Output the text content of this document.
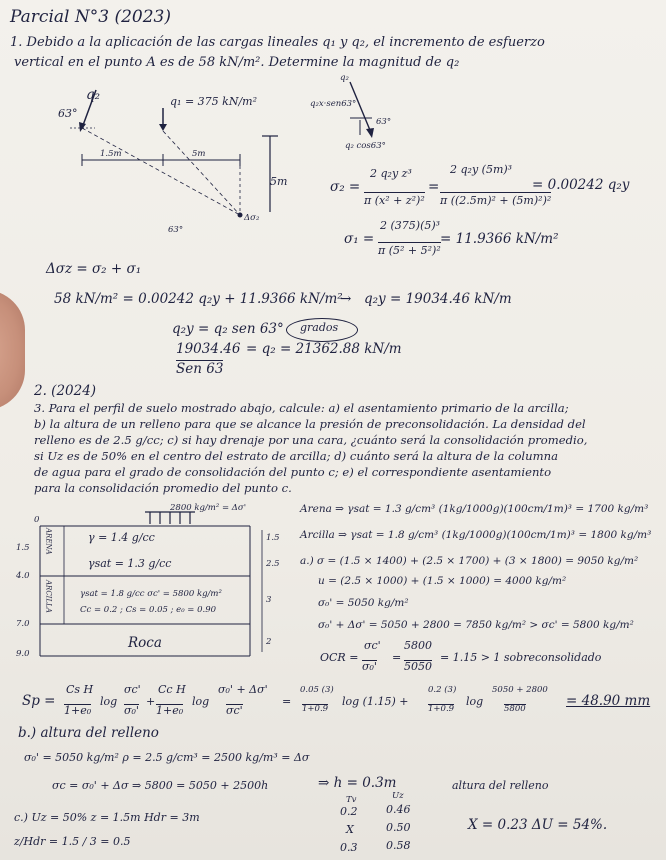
Parcial N°3 (2023)
1. Debido a la aplicación de las cargas lineales q₁ y q₂, el incremento de esfuerzo
vertical en el punto A es de 58 kN/m². Determine la magnitud de q₂
q₂	q₁ = 375 kN/m²
63°
1.5m	5m
5m
Δσ₂
63°
q₂
q₂x·sen63°
63°
q₂ cos63°
σ₂ =
2 q₂y z³
π (x² + z²)²
=
2 q₂y (5m)³
π ((2.5m)² + (5m)²)²
= 0.00242 q₂y
σ₁ =
2 (375)(5)³
π (5² + 5²)²
= 11.9366 kN/m²
Δσz = σ₂ + σ₁
58 kN/m² = 0.00242 q₂y + 11.9366 kN/m²
→ q₂y = 19034.46 kN/m
q₂y = q₂ sen 63° grados
19034.46
Sen 63
= q₂ = 21362.88 kN/m
2. (2024)
3. Para el perfil de suelo mostrado abajo, calcule: a) el asentamiento primario de la arcilla;
b) la altura de un relleno para que se alcance la presión de preconsolidación. La densidad del
relleno es de 2.5 g/cc; c) si hay drenaje por una cara, ¿cuánto será la consolidación promedio,
si Uz es de 50% en el centro del estrato de arcilla; d) cuánto será la altura de la columna
de agua para el grado de consolidación del punto c; e) el correspondiente asentamiento
para la consolidación promedio del punto c.
2800 kg/m² = Δσ'
0
1.5
4.0
7.0
9.0
ARENA	γ = 1.4 g/cc
γsat = 1.3 g/cc
ARCILLA	γsat = 1.8 g/cc σc' = 5800 kg/m²
Cc = 0.2 ; Cs = 0.05 ; e₀ = 0.90
Roca
1.5
2.5
3
2
Arena ⇒ γsat = 1.3 g/cm³ (1kg/1000g)(100cm/1m)³ = 1700 kg/m³
Arcilla ⇒ γsat = 1.8 g/cm³ (1kg/1000g)(100cm/1m)³ = 1800 kg/m³
a.) σ = (1.5 × 1400) + (2.5 × 1700) + (3 × 1800) = 9050 kg/m²
u = (2.5 × 1000) + (1.5 × 1000) = 4000 kg/m²
σ₀' = 5050 kg/m²
σ₀' + Δσ' = 5050 + 2800 = 7850 kg/m² > σc' = 5800 kg/m²
OCR =
σc'
σ₀'
=
5800
5050
= 1.15 > 1 sobreconsolidado
Sp =
Cs H
1+e₀
log
σc'
σ₀'
+
Cc H
1+e₀
log
σ₀' + Δσ'
σc'
=
0.05 (3)
1+0.9
log (1.15) +
0.2 (3)
1+0.9
log
5050 + 2800
5800	= 48.90 mm
b.) altura del relleno
σ₀' = 5050 kg/m² ρ = 2.5 g/cm³ = 2500 kg/m³ = Δσ
σc = σ₀' + Δσ ⇒ 5800 = 5050 + 2500h	⇒ h = 0.3m	altura del relleno
c.) Uz = 50% z = 1.5m Hdr = 3m
z/Hdr = 1.5 / 3 = 0.5
Tv	Uz
0.2	0.46
X	0.50
0.3	0.58
X = 0.23 ΔU = 54%.
